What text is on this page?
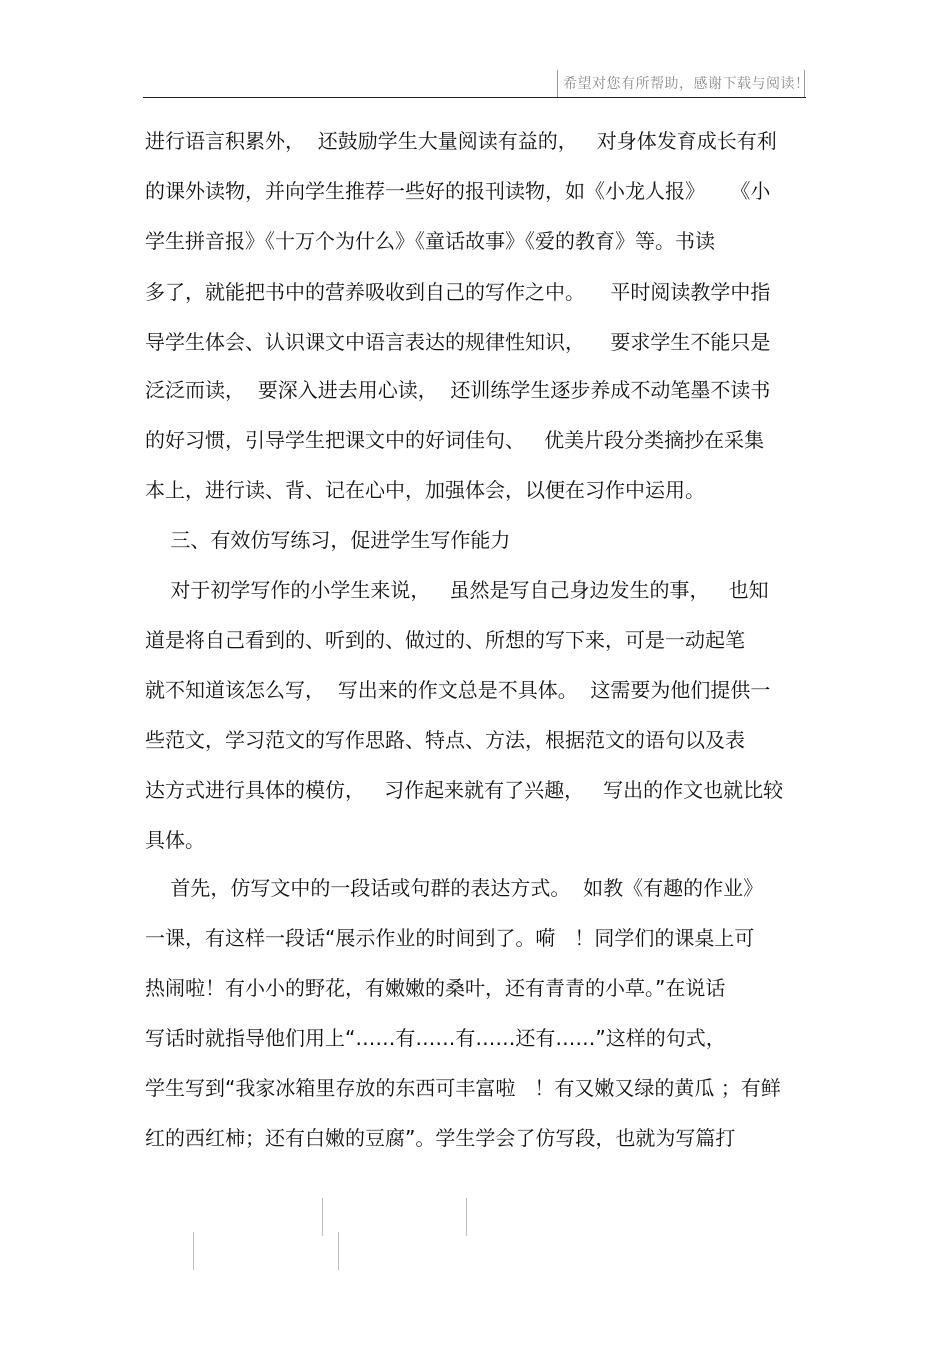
希望对您有所帮助，感谢下载与阅读！
进行语言积累外，  还鼓励学生大量阅读有益的，   对身体发育成长有利
的课外读物，并向学生推荐一些好的报刊读物，如《小龙人报》    《小
学生拼音报》《十万个为什么》《童话故事》《爱的教育》等。书读
多了，就能把书中的营养吸收到自己的写作之中。    平时阅读教学中指
导学生体会、认识课文中语言表达的规律性知识，    要求学生不能只是
泛泛而读，  要深入进去用心读，  还训练学生逐步养成不动笔墨不读书
的好习惯，引导学生把课文中的好词佳句、   优美片段分类摘抄在采集
本上，进行读、背、记在心中，加强体会，以便在习作中运用。
三、有效仿写练习，促进学生写作能力
对于初学写作的小学生来说，   虽然是写自己身边发生的事，   也知
道是将自己看到的、听到的、做过的、所想的写下来，可是一动起笔
就不知道该怎么写，  写出来的作文总是不具体。  这需要为他们提供一
些范文，学习范文的写作思路、特点、方法，根据范文的语句以及表
达方式进行具体的模仿，   习作起来就有了兴趣，   写出的作文也就比较
具体。
首先，仿写文中的一段话或句群的表达方式。  如教《有趣的作业》
一课，有这样一段话“展示作业的时间到了。嗬   ！同学们的课桌上可
热闹啦！有小小的野花，有嫩嫩的桑叶，还有青青的小草。”在说话
写话时就指导他们用上“……有……有……还有……”这样的句式，
学生写到“我家冰箱里存放的东西可丰富啦   ！有又嫩又绿的黄瓜 ；有鲜
红的西红柿；还有白嫩的豆腐”。学生学会了仿写段，也就为写篇打
